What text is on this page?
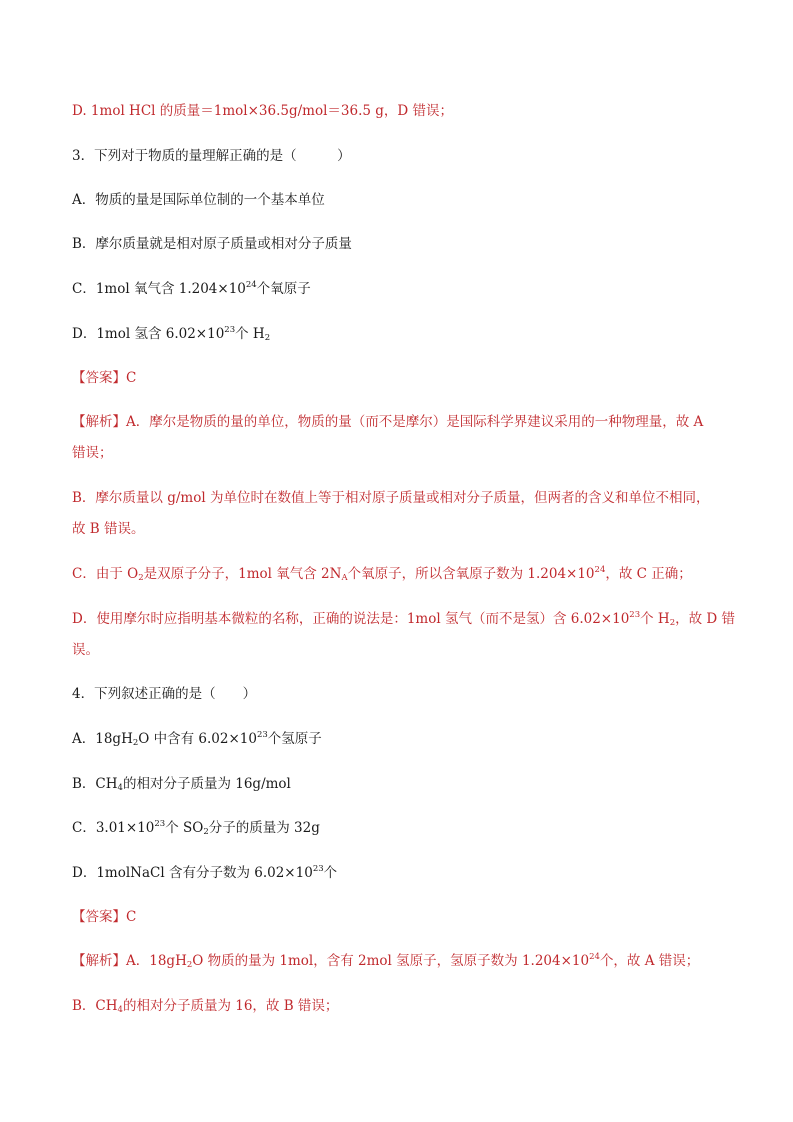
D. 1mol HCl 的质量＝1mol×36.5g/mol＝36.5 g，D 错误；
3．下列对于物质的量理解正确的是（　　　）
A．物质的量是国际单位制的一个基本单位
B．摩尔质量就是相对原子质量或相对分子质量
C．1mol 氧气含 $1.204\times 10^{24}$个氧原子
D．1mol 氢含 $6.02\times 10^{23}$个 $H_2$
【答案】C
【解析】A．摩尔是物质的量的单位，物质的量（而不是摩尔）是国际科学界建议采用的一种物理量，故 A
错误；
B．摩尔质量以 g/mol 为单位时在数值上等于相对原子质量或相对分子质量，但两者的含义和单位不相同，
故 B 错误。
C．由于 $O_2$是双原子分子，1mol 氧气含 $2N_A$个氧原子，所以含氧原子数为 $1.204\times 10^{24}$，故 C 正确；
D．使用摩尔时应指明基本微粒的名称，正确的说法是：1mol 氢气（而不是氢）含 $6.02\times 10^{23}$个 $H_2$，故 D 错
误。
4．下列叙述正确的是（　　）
A．$18gH_2O$ 中含有 $6.02\times 10^{23}$个氢原子
B．$CH_4$的相对分子质量为 16g/mol
C．$3.01\times 10^{23}$个 $SO_2$分子的质量为 32g
D．1molNaCl 含有分子数为 $6.02\times 10^{23}$个
【答案】C
【解析】A．$18gH_2O$ 物质的量为 1mol，含有 2mol 氢原子，氢原子数为 $1.204\times 10^{24}$个，故 A 错误；
B．$CH_4$的相对分子质量为 16，故 B 错误；
